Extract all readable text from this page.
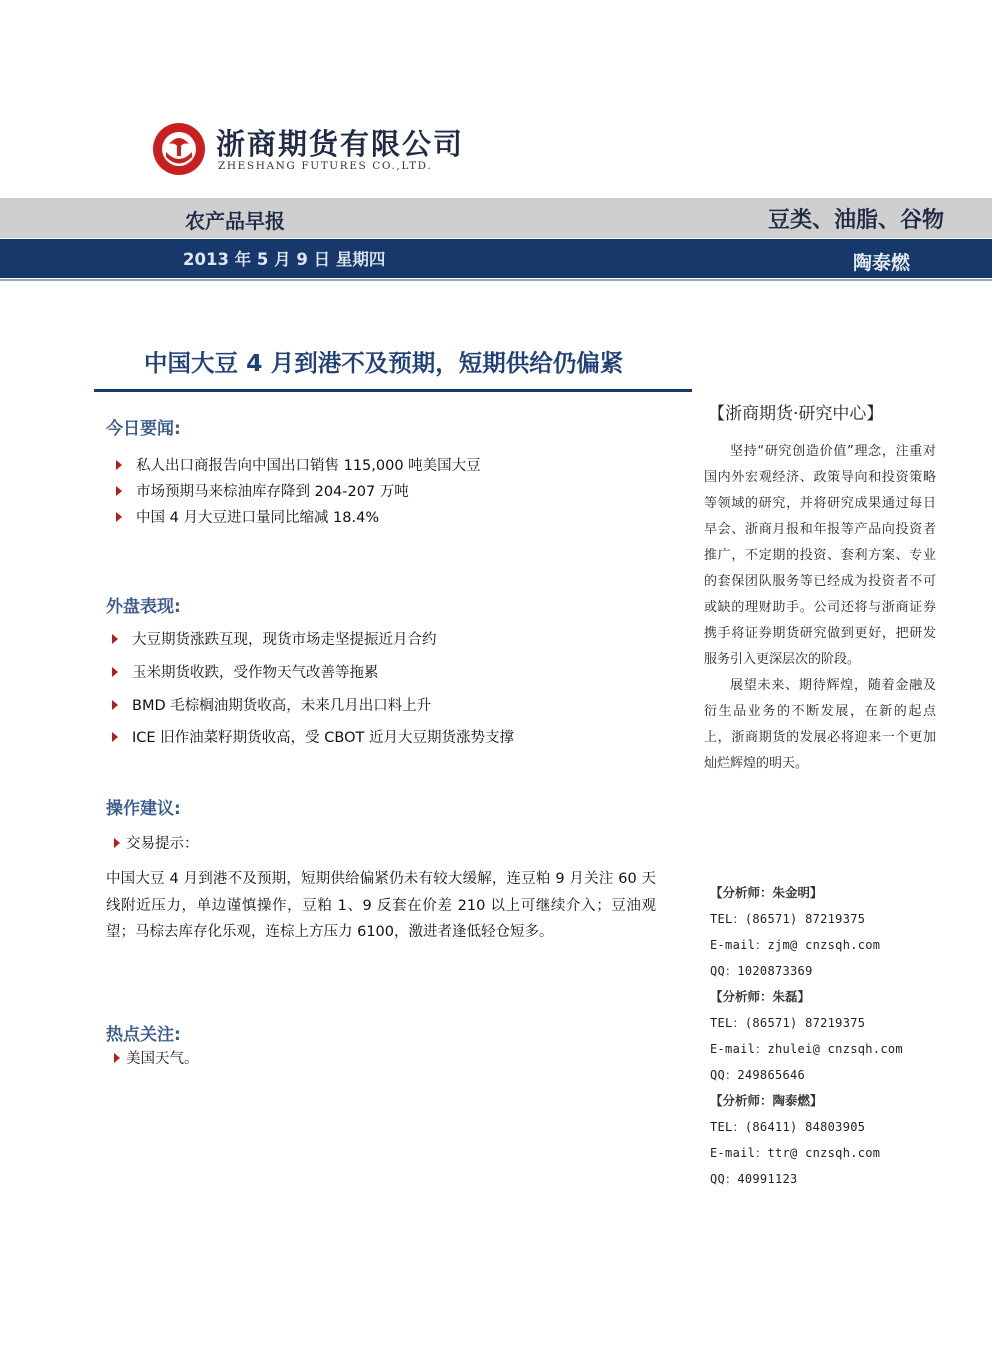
浙商期货有限公司
ZHESHANG FUTURES CO.,LTD.
农产品早报	豆类、油脂、谷物
2013 年 5 月 9 日 星期四	陶泰燃
中国大豆 4 月到港不及预期，短期供给仍偏紧
今日要闻:
私人出口商报告向中国出口销售 115,000 吨美国大豆
市场预期马来棕油库存降到 204-207 万吨
中国 4 月大豆进口量同比缩减 18.4%
外盘表现:
大豆期货涨跌互现，现货市场走坚提振近月合约
玉米期货收跌，受作物天气改善等拖累
BMD 毛棕榈油期货收高，未来几月出口料上升
ICE 旧作油菜籽期货收高，受 CBOT 近月大豆期货涨势支撑
操作建议:
交易提示：
中国大豆 4 月到港不及预期，短期供给偏紧仍未有较大缓解，连豆粕 9 月关注 60 天线附近压力，单边谨慎操作，豆粕 1、9 反套在价差 210 以上可继续介入；豆油观望；马棕去库存化乐观，连棕上方压力 6100，激进者逢低轻仓短多。
热点关注:
美国天气。
【浙商期货·研究中心】

坚持“研究创造价值”理念，注重对国内外宏观经济、政策导向和投资策略等领域的研究，并将研究成果通过每日早会、浙商月报和年报等产品向投资者推广，不定期的投资、套利方案、专业的套保团队服务等已经成为投资者不可或缺的理财助手。公司还将与浙商证券携手将证券期货研究做到更好，把研发服务引入更深层次的阶段。

展望未来、期待辉煌，随着金融及衍生品业务的不断发展，在新的起点上，浙商期货的发展必将迎来一个更加灿烂辉煌的明天。

【分析师：朱金明】
TEL：(86571) 87219375
E-mail：zjm@ cnzsqh.com
QQ：1020873369
【分析师：朱磊】
TEL：(86571) 87219375
E-mail：zhulei@ cnzsqh.com
QQ：249865646
【分析师：陶泰燃】
TEL：(86411) 84803905
E-mail：ttr@ cnzsqh.com
QQ：40991123
